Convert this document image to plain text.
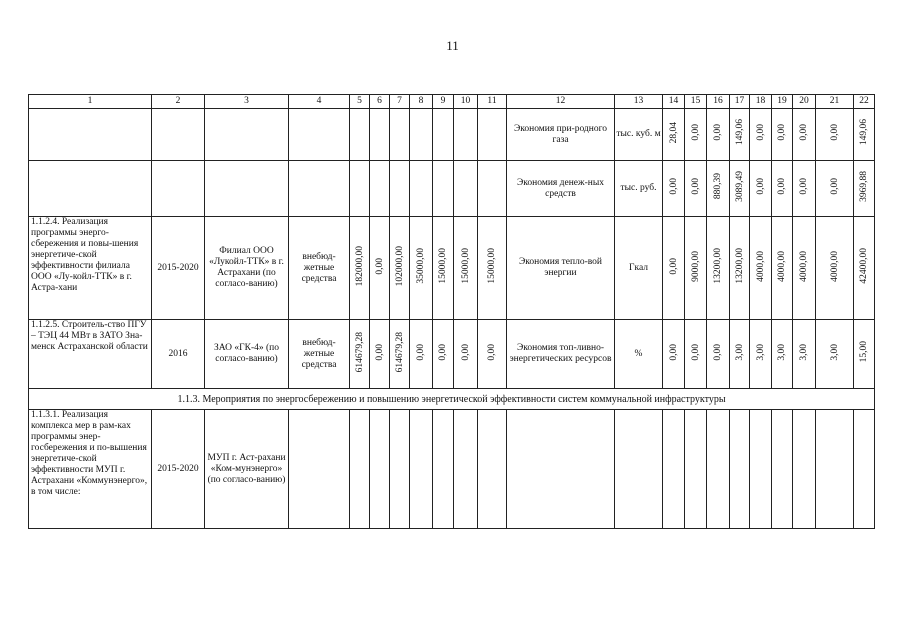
11
1	2	3	4	5	6	7	8	9	10	11	12	13	14	15	16	17	18	19	20	21	22
											Экономия при-родного газа	тыс. куб. м	28,04	0,00	0,00	149,06	0,00	0,00	0,00	0,00	149,06
											Экономия денеж-ных средств	тыс. руб.	0,00	0,00	880,39	3089,49	0,00	0,00	0,00	0,00	3969,88
1.1.2.4. Реализация программы энерго-сбережения и повы-шения энергетиче-ской эффективности филиала ООО «Лу-койл-ТТК» в г. Астра-хани	2015-2020	Филиал ООО «Лукойл-ТТК» в г. Астрахани (по согласо-ванию)	внебюд-жетные средства	182000,00	0,00	102000,00	35000,00	15000,00	15000,00	15000,00	Экономия тепло-вой энергии	Гкал	0,00	9000,00	13200,00	13200,00	4000,00	4000,00	4000,00	4000,00	42400,00
1.1.2.5. Строитель-ство ПГУ – ТЭЦ 44 МВт в ЗАТО Зна-менск Астраханской области	2016	ЗАО «ГК-4» (по согласо-ванию)	внебюд-жетные средства	614679,28	0,00	614679,28	0,00	0,00	0,00	0,00	Экономия топ-ливно-энергетических ресурсов	%	0,00	0,00	0,00	3,00	3,00	3,00	3,00	3,00	15,00
1.1.3. Мероприятия по энергосбережению и повышению энергетической эффективности систем коммунальной инфраструктуры																					
1.1.3.1. Реализация комплекса мер в рам-ках программы энер-госбережения и по-вышения энергетиче-ской эффективности МУП г. Астрахани «Коммунэнерго», в том числе:	2015-2020	МУП г. Аст-рахани «Ком-мунэнерго» (по согласо-ванию)																			
